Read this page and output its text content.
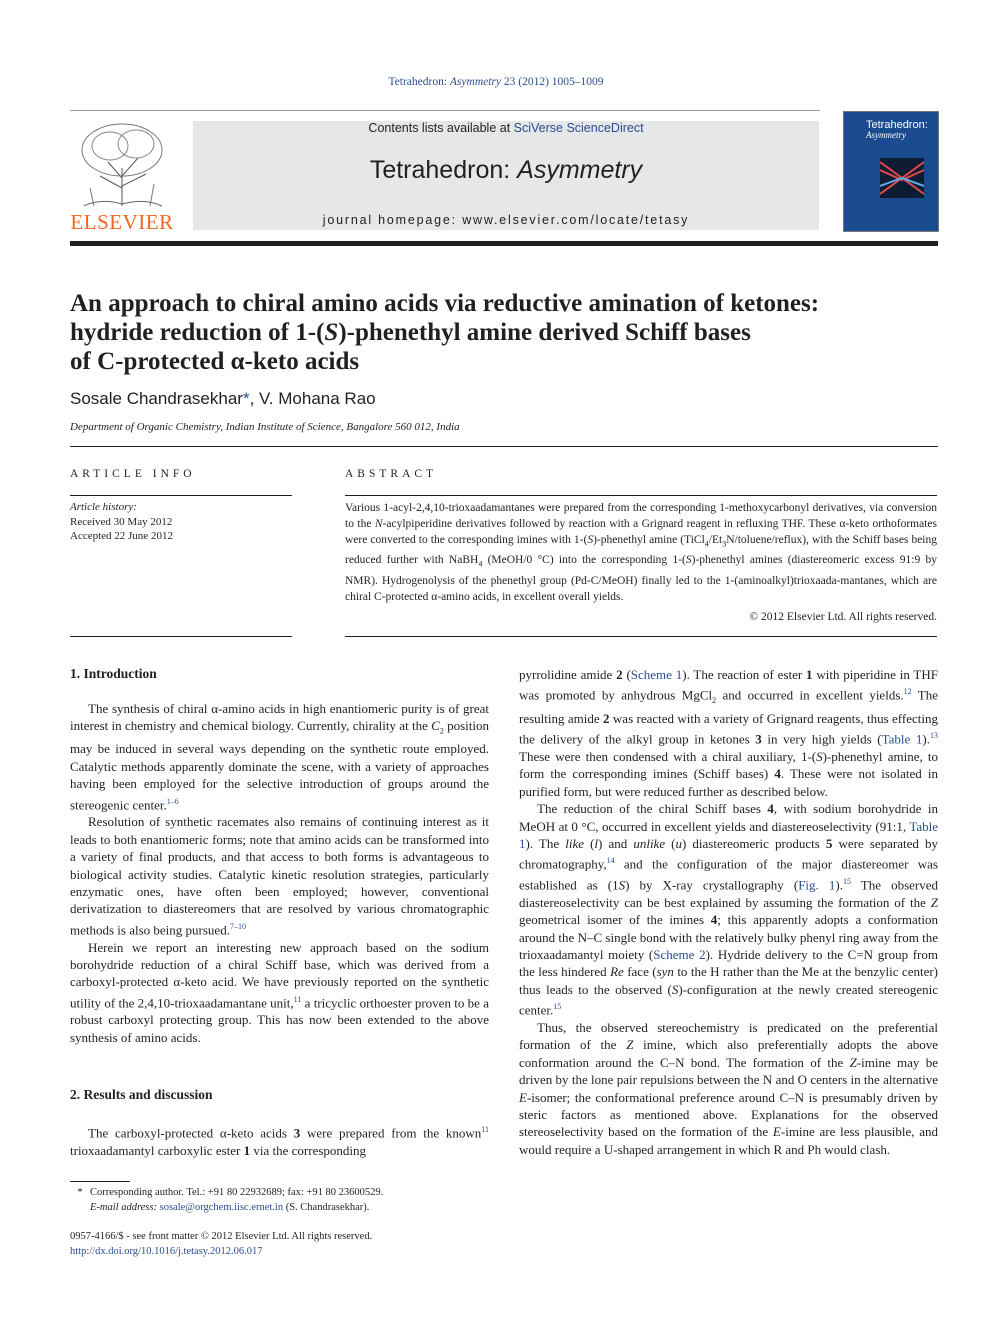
Tetrahedron: Asymmetry 23 (2012) 1005–1009
ELSEVIER
Contents lists available at SciVerse ScienceDirect
Tetrahedron: Asymmetry
journal homepage: www.elsevier.com/locate/tetasy
Tetrahedron:
Asymmetry
An approach to chiral amino acids via reductive amination of ketones:
hydride reduction of 1-(S)-phenethyl amine derived Schiff bases
of C-protected α-keto acids
Sosale Chandrasekhar*, V. Mohana Rao
Department of Organic Chemistry, Indian Institute of Science, Bangalore 560 012, India
ARTICLE INFO
Article history:
Received 30 May 2012
Accepted 22 June 2012
ABSTRACT
Various 1-acyl-2,4,10-trioxaadamantanes were prepared from the corresponding 1-methoxycarbonyl derivatives, via conversion to the N-acylpiperidine derivatives followed by reaction with a Grignard reagent in refluxing THF. These α-keto orthoformates were converted to the corresponding imines with 1-(S)-phenethyl amine $(TiCl_4/Et_3N/toluene/reflux)$, with the Schiff bases being reduced further with NaBH$_4$ (MeOH/0 °C) into the corresponding 1-(S)-phenethyl amines (diastereomeric excess 91:9 by NMR). Hydrogenolysis of the phenethyl group (Pd-C/MeOH) finally led to the 1-(aminoalkyl)trioxaada-mantanes, which are chiral C-protected α-amino acids, in excellent overall yields.
© 2012 Elsevier Ltd. All rights reserved.
1. Introduction

The synthesis of chiral α-amino acids in high enantiomeric purity is of great interest in chemistry and chemical biology. Currently, chirality at the $C_2$ position may be induced in several ways depending on the synthetic route employed. Catalytic methods apparently dominate the scene, with a variety of approaches having been employed for the selective introduction of groups around the stereogenic center.$^{1-6}$

Resolution of synthetic racemates also remains of continuing interest as it leads to both enantiomeric forms; note that amino acids can be transformed into a variety of final products, and that access to both forms is advantageous to biological activity studies. Catalytic kinetic resolution strategies, particularly enzymatic ones, have often been employed; however, conventional derivatization to diastereomers that are resolved by various chromatographic methods is also being pursued.$^{7-10}$

Herein we report an interesting new approach based on the sodium borohydride reduction of a chiral Schiff base, which was derived from a carboxyl-protected α-keto acid. We have previously reported on the synthetic utility of the 2,4,10-trioxaadamantane unit,$^{11}$ a tricyclic orthoester proven to be a robust carboxyl protecting group. This has now been extended to the above synthesis of amino acids.

2. Results and discussion

The carboxyl-protected α-keto acids 3 were prepared from the known$^{11}$ trioxaadamantyl carboxylic ester 1 via the corresponding

* Corresponding author. Tel.: +91 80 22932689; fax: +91 80 23600529.
E-mail address: sosale@orgchem.iisc.ernet.in (S. Chandrasekhar).
0957-4166/$ - see front matter © 2012 Elsevier Ltd. All rights reserved.
http://dx.doi.org/10.1016/j.tetasy.2012.06.017

pyrrolidine amide 2 (Scheme 1). The reaction of ester 1 with piperidine in THF was promoted by anhydrous MgCl$_2$ and occurred in excellent yields.$^{12}$ The resulting amide 2 was reacted with a variety of Grignard reagents, thus effecting the delivery of the alkyl group in ketones 3 in very high yields (Table 1).$^{13}$ These were then condensed with a chiral auxiliary, 1-(S)-phenethyl amine, to form the corresponding imines (Schiff bases) 4. These were not isolated in purified form, but were reduced further as described below.

The reduction of the chiral Schiff bases 4, with sodium borohydride in MeOH at 0 °C, occurred in excellent yields and diastereoselectivity (91:1, Table 1). The like (l) and unlike (u) diastereomeric products 5 were separated by chromatography,$^{14}$ and the configuration of the major diastereomer was established as (1S) by X-ray crystallography (Fig. 1).$^{15}$ The observed diastereoselectivity can be best explained by assuming the formation of the Z geometrical isomer of the imines 4; this apparently adopts a conformation around the N–C single bond with the relatively bulky phenyl ring away from the trioxaadamantyl moiety (Scheme 2). Hydride delivery to the C=N group from the less hindered Re face (syn to the H rather than the Me at the benzylic center) thus leads to the observed (S)-configuration at the newly created stereogenic center.$^{15}$

Thus, the observed stereochemistry is predicated on the preferential formation of the Z imine, which also preferentially adopts the above conformation around the C–N bond. The formation of the Z-imine may be driven by the lone pair repulsions between the N and O centers in the alternative E-isomer; the conformational preference around C–N is presumably driven by steric factors as mentioned above. Explanations for the observed stereoselectivity based on the formation of the E-imine are less plausible, and would require a U-shaped arrangement in which R and Ph would clash.
